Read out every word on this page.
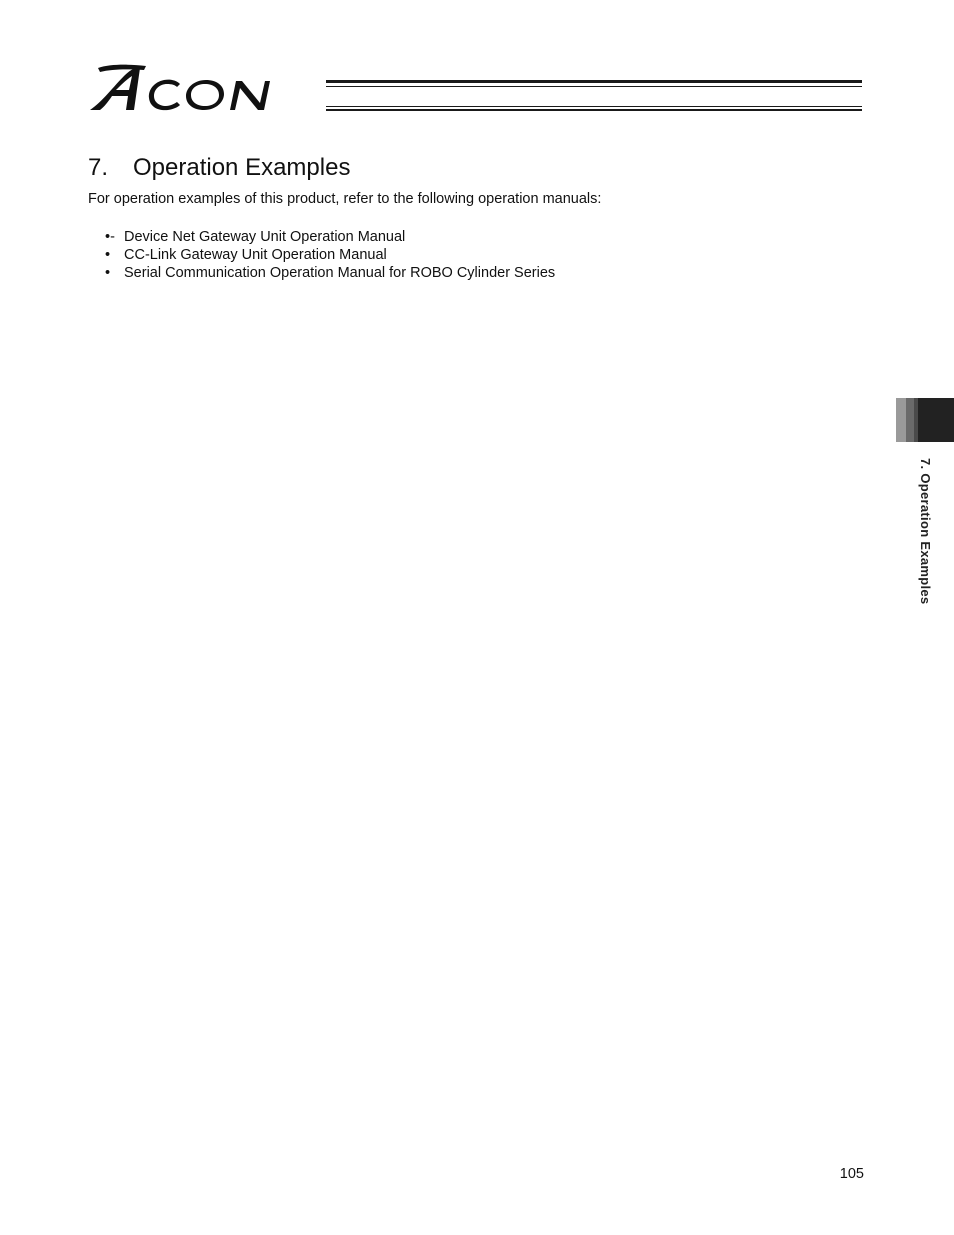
7. Operation Examples

For operation examples of this product, refer to the following operation manuals:

•- Device Net Gateway Unit Operation Manual
• CC-Link Gateway Unit Operation Manual
• Serial Communication Operation Manual for ROBO Cylinder Series
7. Operation Examples
105
